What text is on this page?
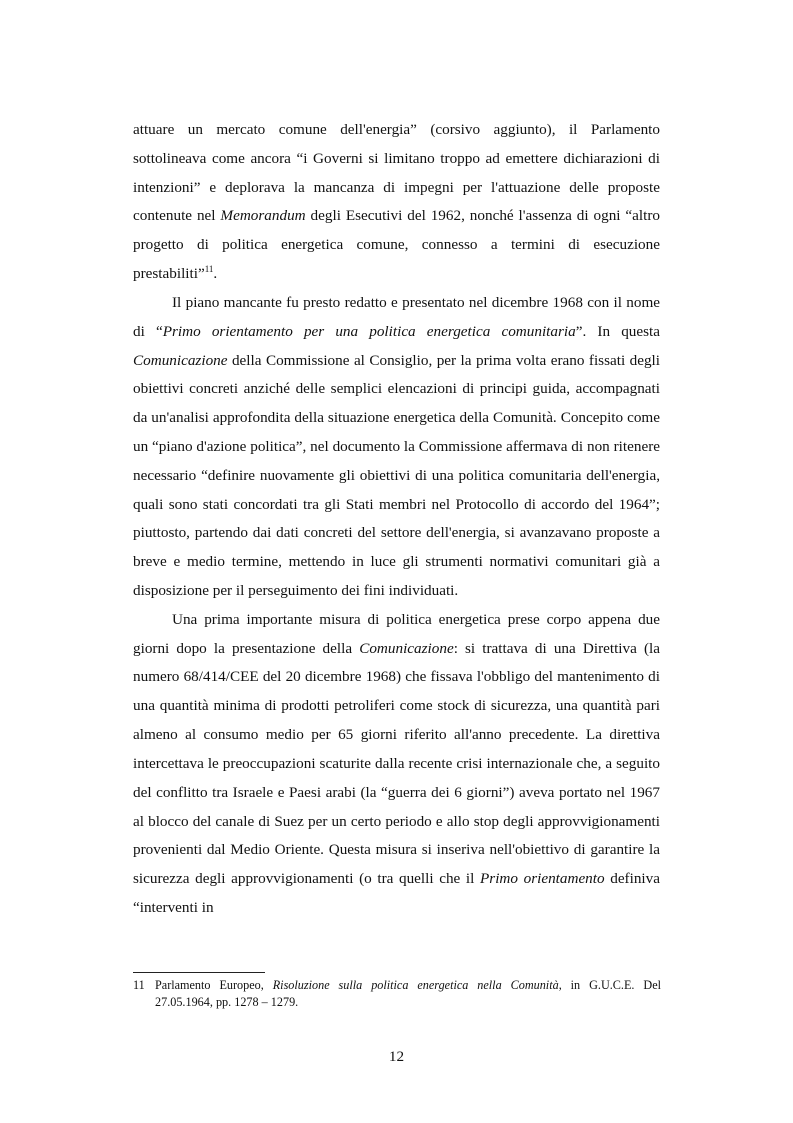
attuare un mercato comune dell'energia” (corsivo aggiunto), il Parlamento sottolineava come ancora “i Governi si limitano troppo ad emettere dichiarazioni di intenzioni” e deplorava la mancanza di impegni per l'attuazione delle proposte contenute nel Memorandum degli Esecutivi del 1962, nonché l'assenza di ogni “altro progetto di politica energetica comune, connesso a termini di esecuzione prestabiliti”$^{11}$.

Il piano mancante fu presto redatto e presentato nel dicembre 1968 con il nome di “Primo orientamento per una politica energetica comunitaria”. In questa Comunicazione della Commissione al Consiglio, per la prima volta erano fissati degli obiettivi concreti anziché delle semplici elencazioni di principi guida, accompagnati da un'analisi approfondita della situazione energetica della Comunità. Concepito come un “piano d'azione politica”, nel documento la Commissione affermava di non ritenere necessario “definire nuovamente gli obiettivi di una politica comunitaria dell'energia, quali sono stati concordati tra gli Stati membri nel Protocollo di accordo del 1964”; piuttosto, partendo dai dati concreti del settore dell'energia, si avanzavano proposte a breve e medio termine, mettendo in luce gli strumenti normativi comunitari già a disposizione per il perseguimento dei fini individuati.

Una prima importante misura di politica energetica prese corpo appena due giorni dopo la presentazione della Comunicazione: si trattava di una Direttiva (la numero 68/414/CEE del 20 dicembre 1968) che fissava l'obbligo del mantenimento di una quantità minima di prodotti petroliferi come stock di sicurezza, una quantità pari almeno al consumo medio per 65 giorni riferito all'anno precedente. La direttiva intercettava le preoccupazioni scaturite dalla recente crisi internazionale che, a seguito del conflitto tra Israele e Paesi arabi (la “guerra dei 6 giorni”) aveva portato nel 1967 al blocco del canale di Suez per un certo periodo e allo stop degli approvvigionamenti provenienti dal Medio Oriente. Questa misura si inseriva nell'obiettivo di garantire la sicurezza degli approvvigionamenti (o tra quelli che il Primo orientamento definiva “interventi in

11 Parlamento Europeo, Risoluzione sulla politica energetica nella Comunità, in G.U.C.E. Del 27.05.1964, pp. 1278 – 1279.
12
